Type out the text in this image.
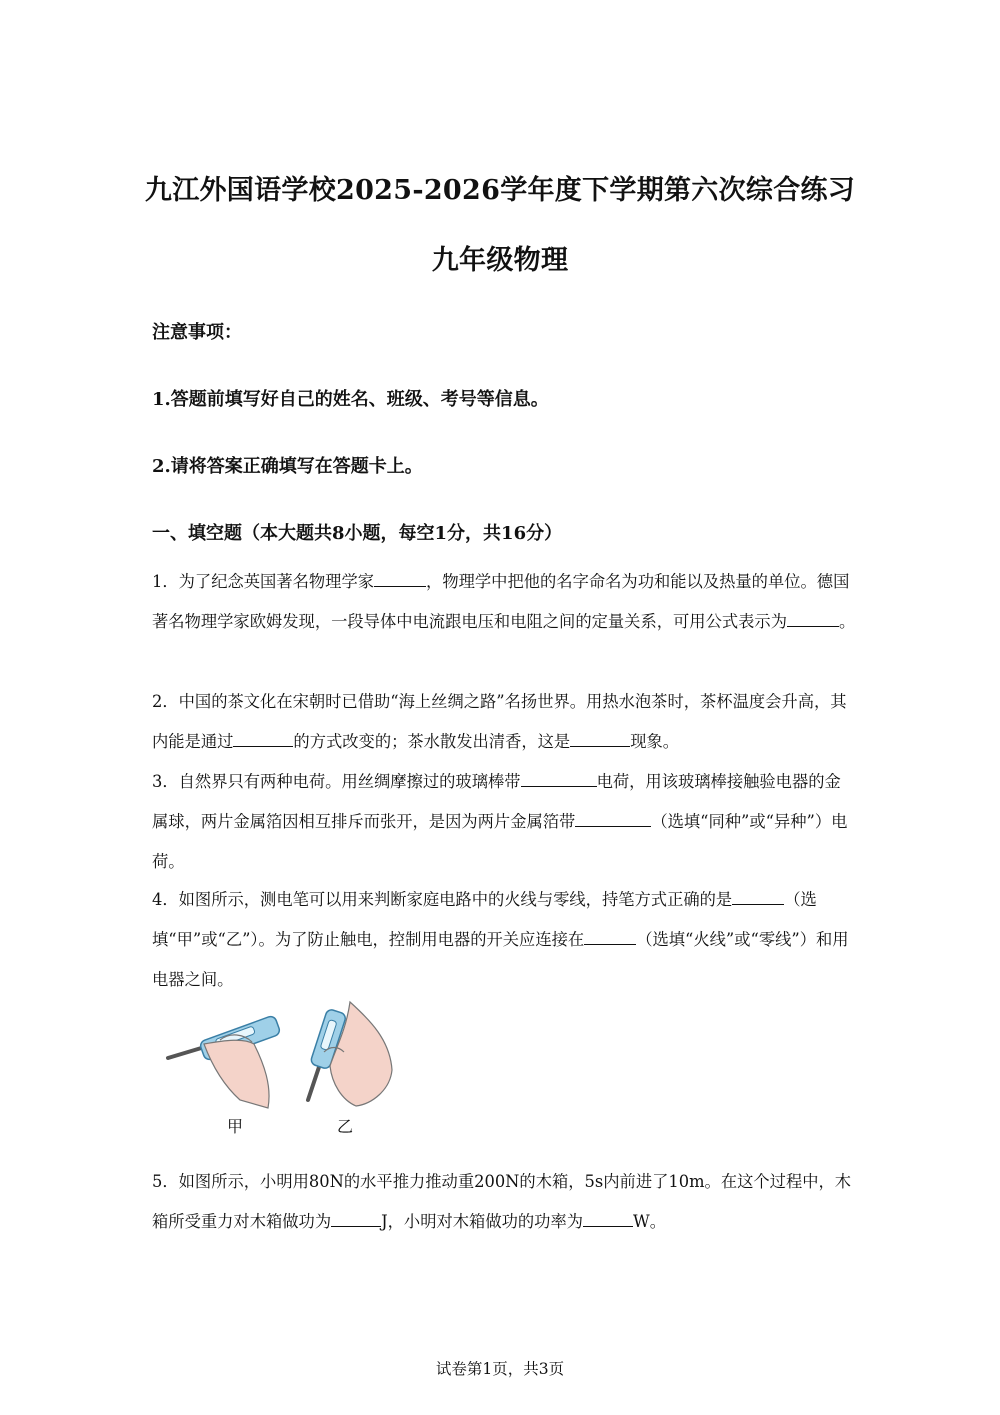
九江外国语学校2025-2026学年度下学期第六次综合练习
九年级物理
注意事项：
1.答题前填写好自己的姓名、班级、考号等信息。
2.请将答案正确填写在答题卡上。
一、填空题（本大题共8小题，每空1分，共16分）

1．为了纪念英国著名物理学家	，物理学中把他的名字命名为功和能以及热量的单位。德国著名物理学家欧姆发现，一段导体中电流跟电压和电阻之间的定量关系，可用公式表示为	。

2．中国的茶文化在宋朝时已借助“海上丝绸之路”名扬世界。用热水泡茶时，茶杯温度会升高，其内能是通过	的方式改变的；茶水散发出清香，这是	现象。

3．自然界只有两种电荷。用丝绸摩擦过的玻璃棒带	电荷，用该玻璃棒接触验电器的金属球，两片金属箔因相互排斥而张开，是因为两片金属箔带	（选填“同种”或“异种”）电荷。

4．如图所示，测电笔可以用来判断家庭电路中的火线与零线，持笔方式正确的是	（选填“甲”或“乙”）。为了防止触电，控制用电器的开关应连接在	（选填“火线”或“零线”）和用电器之间。

甲	乙

5．如图所示，小明用80N的水平推力推动重200N的木箱，5s内前进了10m。在这个过程中，木箱所受重力对木箱做功为	J，小明对木箱做功的功率为	W。

试卷第1页，共3页
